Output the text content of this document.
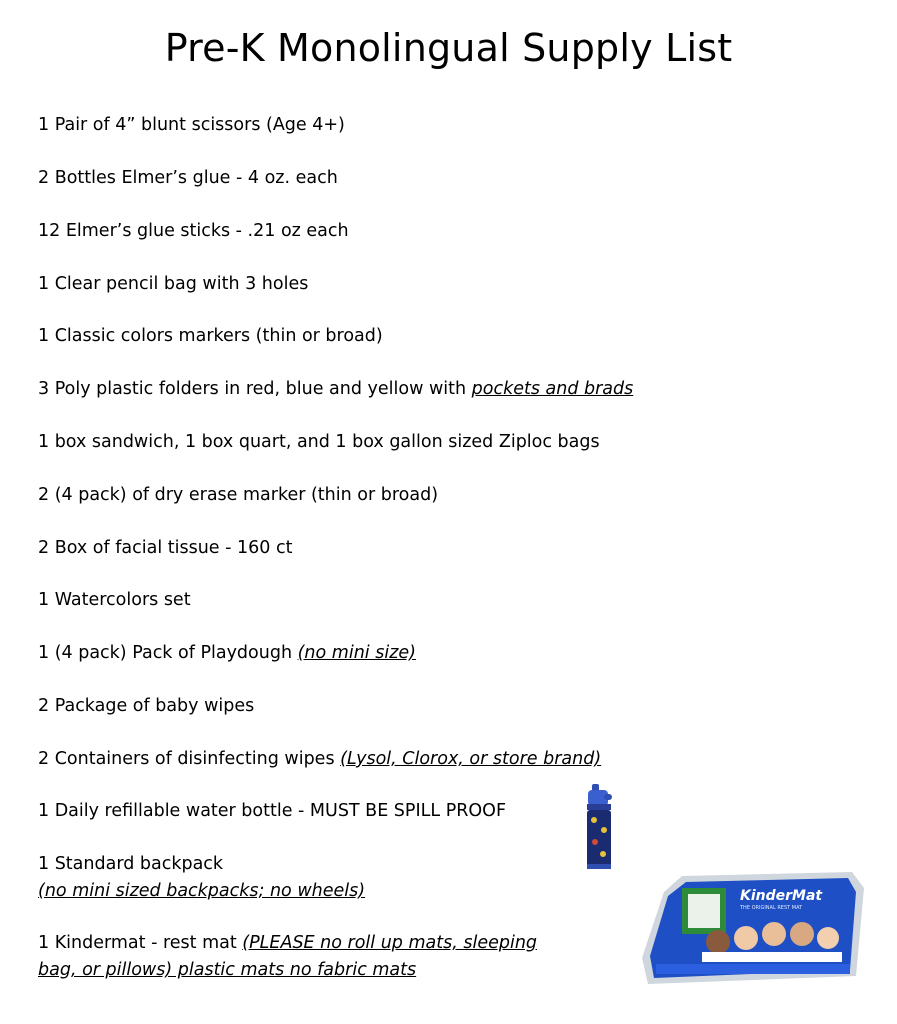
Pre-K Monolingual Supply List
1 Pair of 4” blunt scissors (Age 4+)
2 Bottles Elmer’s glue - 4 oz. each
12 Elmer’s glue sticks - .21 oz each
1 Clear pencil bag with 3 holes
1 Classic colors markers (thin or broad)
3 Poly plastic folders in red, blue and yellow with pockets and brads
1 box sandwich, 1 box quart, and 1 box gallon sized Ziploc bags
2 (4 pack) of dry erase marker (thin or broad)
2 Box of facial tissue - 160 ct
1 Watercolors set
1 (4 pack) Pack of Playdough (no mini size)
2 Package of baby wipes
2 Containers of disinfecting wipes (Lysol, Clorox, or store brand)
1 Daily refillable water bottle - MUST BE SPILL PROOF
1 Standard backpack
(no mini sized backpacks; no wheels)
1 Kindermat - rest mat (PLEASE no roll up mats, sleeping
bag, or pillows) plastic mats no fabric mats
KinderMat
THE ORIGINAL REST MAT
